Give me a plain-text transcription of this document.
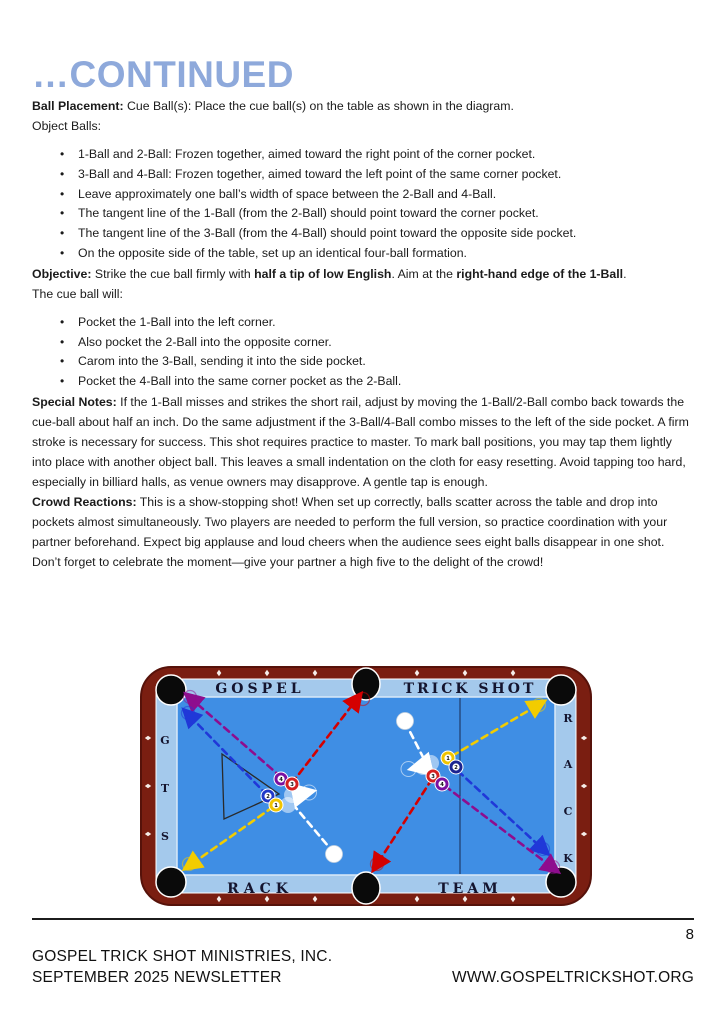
…CONTINUED

Ball Placement: Cue Ball(s): Place the cue ball(s) on the table as shown in the diagram.

Object Balls:

• 1-Ball and 2-Ball: Frozen together, aimed toward the right point of the corner pocket.
• 3-Ball and 4-Ball: Frozen together, aimed toward the left point of the same corner pocket.
• Leave approximately one ball’s width of space between the 2-Ball and 4-Ball.
• The tangent line of the 1-Ball (from the 2-Ball) should point toward the corner pocket.
• The tangent line of the 3-Ball (from the 4-Ball) should point toward the opposite side pocket.
• On the opposite side of the table, set up an identical four-ball formation.

Objective: Strike the cue ball firmly with half a tip of low English. Aim at the right-hand edge of the 1-Ball.

The cue ball will:

• Pocket the 1-Ball into the left corner.
• Also pocket the 2-Ball into the opposite corner.
• Carom into the 3-Ball, sending it into the side pocket.
• Pocket the 4-Ball into the same corner pocket as the 2-Ball.

Special Notes: If the 1-Ball misses and strikes the short rail, adjust by moving the 1-Ball/2-Ball combo back towards the cue-ball about half an inch. Do the same adjustment if the 3-Ball/4-Ball combo misses to the left of the side pocket. A firm stroke is necessary for success. This shot requires practice to master. To mark ball positions, you may tap them lightly into place with another object ball. This leaves a small indentation on the cloth for easy resetting. Avoid tapping too hard, especially in billiard halls, as venue owners may disapprove. A gentle tap is enough.

Crowd Reactions: This is a show-stopping shot! When set up correctly, balls scatter across the table and drop into pockets almost simultaneously. Two players are needed to perform the full version, so practice coordination with your partner beforehand. Expect big applause and loud cheers when the audience sees eight balls disappear in one shot. Don’t forget to celebrate the moment—give your partner a high five to the delight of the crowd!

GOSPEL	TRICK SHOT
RACK	TEAM
G
T
S
R
A
C
K
4
3
2
1
1
2
3
4
8
GOSPEL TRICK SHOT MINISTRIES, INC.
SEPTEMBER 2025 NEWSLETTER	WWW.GOSPELTRICKSHOT.ORG
